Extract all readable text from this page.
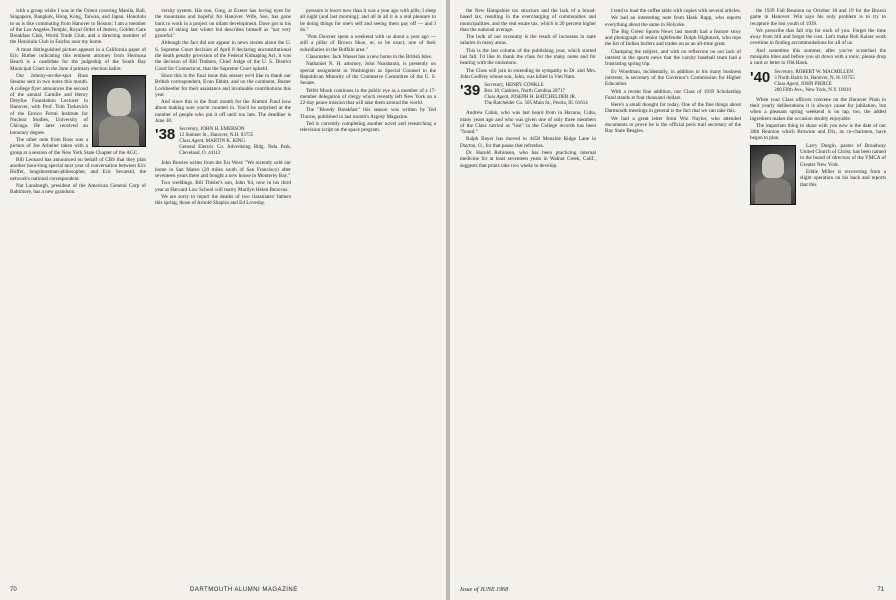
with a group while I was in the Orient covering Manila, Bali, Singapore, Bangkok, Hong Kong, Taiwan, and Japan. Honolulu to us is like commuting from Hanover to Boston; I am a member of the Los Angeles Temple, Royal Order of Jesters, Golden Gate Breakfast Club, World Trade Club, and a directing member of the Honolulu Club in Fairfax near my home.

A most distinguished picture appears in a California paper of Eric Ruther indicating this eminent attorney from Hermosa Beach is a candidate for the judgeship of the South Bay Municipal Court in the June 4 primary election ballot.

Our Johnny-on-the-spot Russ Stearns sent in two notes this month. A college flyer announces the second of the annual Camille and Henry Dreyfus Foundation Lecturer in Hanover, with Prof. Tom Turkevich of the Enrico Fermi Institute for Nuclear Studies, University of Chicago. He later received an honorary degree.

The other note from Russ was a picture of Joe Arbeiter taken with a group at a session of the New York State Chapter of the AGC.

Bill Leonard has announced on behalf of CBS that they plan another hour-long special next year of conversation between Eric Hoffer, longshoreman-philosopher, and Eric Sevareid, the network's national correspondent.

Nat Lansburgh, president of the American General Corp of Baltimore, has a new grandson.

versity system. His son, Greg, at Exeter has loving eyes for the mountains and hopeful for Hanover. Wife, Sue, has gone back to work in a project on infant development. Dave got in his quota of skiing last winter but describes himself as "not very graceful."

Although the fact did not appear in news stories about the U. S. Supreme Court decision of April 8 declaring unconstitutional the death penalty provision of the Federal Kidnaping Act, it was the decision of Bill Timbers, Chief Judge of the U. S. District Court for Connecticut, that the Supreme Court upheld.

Since this is the final issue this season we'd like to thank our British correspondent, Evan Ebbitt, and on the continent, Buster Lockbeetler for their assistance and invaluable contributions this year.

And since this is the final month for the Alumni Fund how about making sure you're counted in. You'd be surprised at the number of people who put it off until too late. The deadline is June 30.

'38 Secretary, JOHN H. EMERSON
12 Sumner St., Hanover, N.H. 03755
Class Agent, MARTIN K. KING
General Electric Co. Advertising Bldg. Nela Park, Cleveland, O. 44112

John Bowles writes from the Far West: "We recently sold our home in San Mateo (20 miles south of San Francisco) after seventeen years there and bought a new house in Monterey Bay."

Two weddings. Bill Thisler's son, John '64, now in his third year at Harvard Law School will marry Marilyn Helen Benovas.

We are sorry to report the deaths of two classmates' fathers this spring, those of Arnold Shapiro and Ed Loveday.

pressure is lower now than it was a year ago with pills; I sleep all night (and last morning); and all in all it is a real pleasure to be doing things for one's self and seeing them pay off — and I do."

"Pots Downer spent a weekend with us about a year ago — still a pillar of Brown Shoe, or, to be exact, one of their subsidiaries in the Buffalo area."

Classmates: Jack Wasset has a new home in the British Isles.

Nathaniel N. H. attorney, John Nussbaum, is presently on special assignment in Washington as Special Counsel to the Republican Minority of the Commerce Committee of the U. S. Senate.

Telfer Mook continues in the public eye as a member of a 17-member delegation of clergy which recently left New York on a 22-day peace mission that will take them around the world.

The "Bloody Breakfast" this season was written by Ted Thorne, published in last month's Argosy Magazine.

Ted is currently completing another novel and researching a television script on the space program.

70	DARTMOUTH ALUMNI MAGAZINE

the New Hampshire tax structure and the lack of a broad-based tax, resulting in the overcharging of communities and municipalities, and the real estate tax, which is 20 percent higher than the national average.

The bulk of our economy is the result of increases in state salaries in many areas.

This is the last column of the publishing year, which started last fall. I'd like to thank the class for the many notes and for bearing with the omissions.

The Class will join in extending its sympathy to Dr. and Mrs. John Godfrey whose son, John, was killed in Viet Nam.

'39 Secretary, HENRY CONKLE
Box 18, Cashiers, North Carolina 28717
Class Agent, JOSEPH H. BATCHELDER JR.
The Batchelder Co. 505 Main St., Peoria, Ill. 61614

Andrew Cabin, who was last heard from in Havana, Cuba, many years ago and who was given one of only three members of the Class carried as "lost" in the College records has been "found."

Ralph Bayer has moved to 4458 Menzine Ridge Lane in Dayton, O., for that pause that refreshes.

Dr. Harold Robinson, who has been practicing internal medicine for at least seventeen years in Walnut Creek, Calif., suggests that prints take two weeks to develop.

I tend to load the coffee table with copies with several articles.

We had an interesting note from Hank Rapp, who reports everything about the same in Holyoke.

The Big Green Sports News last month had a feature story and photograph of senior tightfender Dolph Highmark, who tops the list of Indian hurlers and trades on as an all-time great.

Champing the subject, and with no reflection on our lack of interest in the sports news that the varsity baseball team had a frustrating spring trip.

Ev Woodman, incidentally, in addition to his many business interests, is secretary of the Governor's Commission for Higher Education.

With a recent fine addition, our Class of 1939 Scholarship Fund stands at four thousand dollars.

Here's a small thought for today. One of the fine things about Dartmouth meetings in general is the fact that we can take this.

We had a great letter from Win Naylor, who attended documents to prove he is the official peck trail secretary of the Bay State Beagles.

the 1939 Fall Reunion on October 18 and 19 for the Brown game in Hanover. Win says his only problem is to try to recapture the lost youth of 1939.

We prescribe that fall trip for each of you. Forget the time away from bill and forget the cost. Let's make Bob Kaiser work overtime in finding accommodations for all of us.

And sometime this summer, after you've scratched the mosquito bites and before you sit down with a tonic, please drop a card or letter to Old Hank.

'40 Secretary, ROBERT W. MACMILLEN
3 North Balch St. Hanover, N. H. 03755
Class Agent, JOHN PIERCE
200 Fifth Ave., New York, N.Y. 10010

When your Class officers convene on the Hanover Plain in their yearly deliberations it is always cause for jubilation, but when a pleasant spring weekend is on tap, too, the added ingredient makes the occasion doubly enjoyable.

The important thing to share with you now is the date of our 30th Reunion which Brownie and Dix, as co-chairmen, have begun to plan.

Larry Durgin, pastor of Broadway United Church of Christ, has been named to the board of directors of the YMCA of Greater New York.

Eddie Miller is recovering from a slight operation on his back and reports that this

Issue of JUNE 1968	71
